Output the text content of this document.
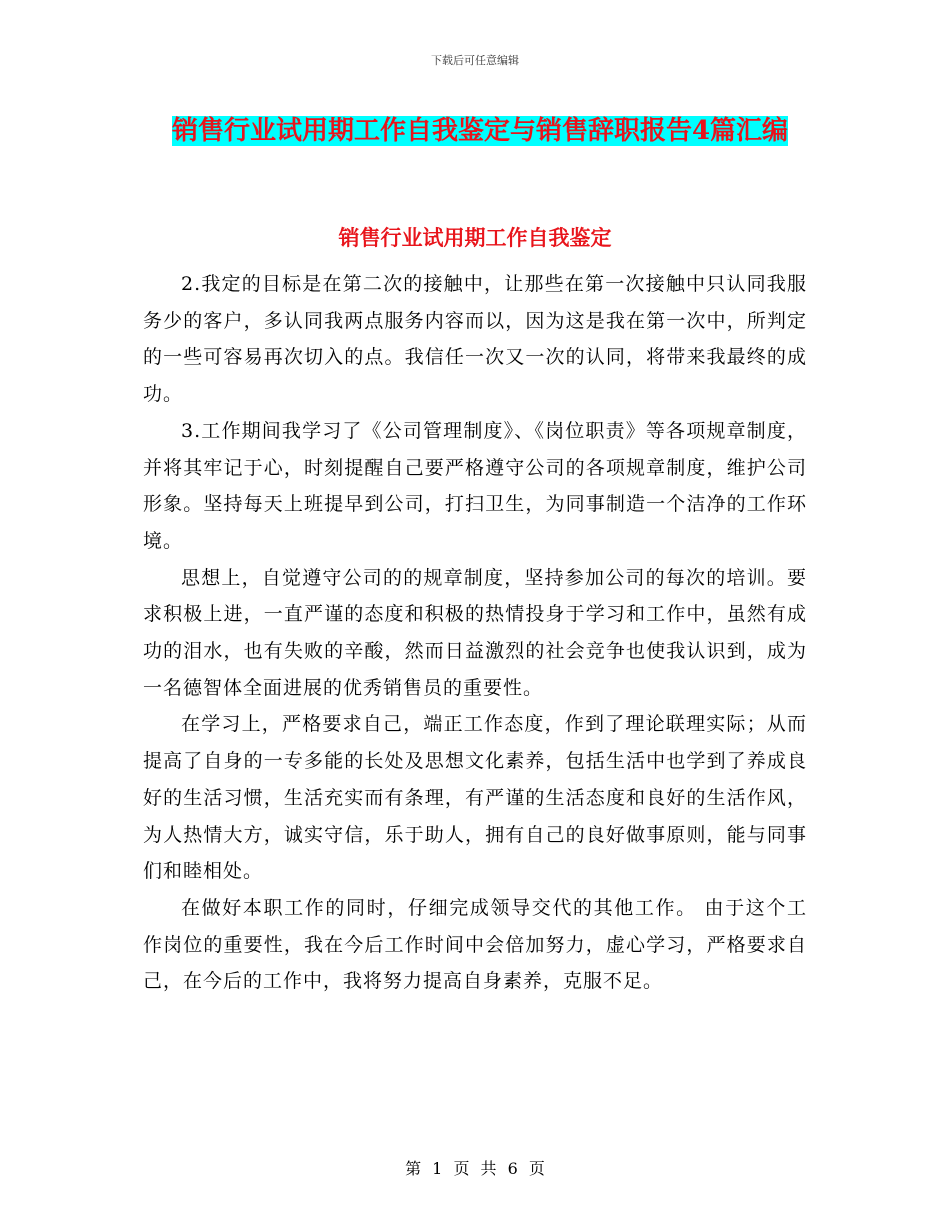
下载后可任意编辑
销售行业试用期工作自我鉴定与销售辞职报告4篇汇编
销售行业试用期工作自我鉴定

2.我定的目标是在第二次的接触中，让那些在第一次接触中只认同我服务少的客户，多认同我两点服务内容而以，因为这是我在第一次中，所判定的一些可容易再次切入的点。我信任一次又一次的认同，将带来我最终的成功。

3.工作期间我学习了《公司管理制度》、《岗位职责》等各项规章制度，并将其牢记于心，时刻提醒自己要严格遵守公司的各项规章制度，维护公司形象。坚持每天上班提早到公司，打扫卫生，为同事制造一个洁净的工作环境。

思想上，自觉遵守公司的的规章制度，坚持参加公司的每次的培训。要求积极上进，一直严谨的态度和积极的热情投身于学习和工作中，虽然有成功的泪水，也有失败的辛酸，然而日益激烈的社会竞争也使我认识到，成为一名德智体全面进展的优秀销售员的重要性。

在学习上，严格要求自己，端正工作态度，作到了理论联理实际；从而提高了自身的一专多能的长处及思想文化素养，包括生活中也学到了养成良好的生活习惯，生活充实而有条理，有严谨的生活态度和良好的生活作风，为人热情大方，诚实守信，乐于助人，拥有自己的良好做事原则，能与同事们和睦相处。

在做好本职工作的同时，仔细完成领导交代的其他工作。 由于这个工作岗位的重要性，我在今后工作时间中会倍加努力，虚心学习，严格要求自己，在今后的工作中，我将努力提高自身素养，克服不足。

第 1 页 共 6 页
